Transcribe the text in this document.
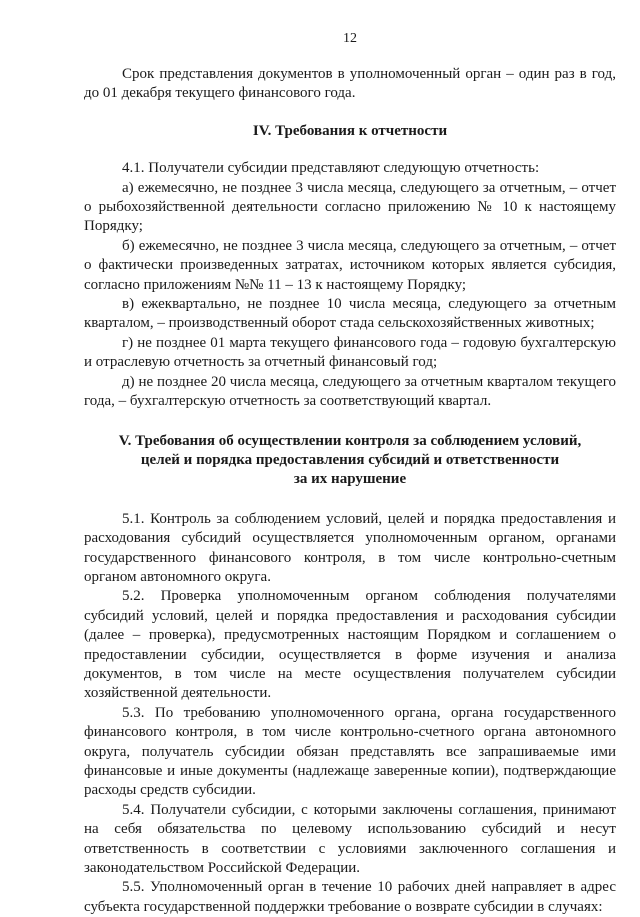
12

Срок представления документов в уполномоченный орган – один раз в год, до 01 декабря текущего финансового года.

IV. Требования к отчетности

4.1. Получатели субсидии представляют следующую отчетность:

а) ежемесячно, не позднее 3 числа месяца, следующего за отчетным, – отчет о рыбохозяйственной деятельности согласно приложению № 10 к настоящему Порядку;

б) ежемесячно, не позднее 3 числа месяца, следующего за отчетным, – отчет о фактически произведенных затратах, источником которых является субсидия, согласно приложениям №№ 11 – 13 к настоящему Порядку;

в) ежеквартально, не позднее 10 числа месяца, следующего за отчетным кварталом, – производственный оборот стада сельскохозяйственных животных;

г) не позднее 01 марта текущего финансового года – годовую бухгалтерскую и отраслевую отчетность за отчетный финансовый год;

д) не позднее 20 числа месяца, следующего за отчетным кварталом текущего года, – бухгалтерскую отчетность за соответствующий квартал.

V. Требования об осуществлении контроля за соблюдением условий,
целей и порядка предоставления субсидий и ответственности
за их нарушение

5.1. Контроль за соблюдением условий, целей и порядка предоставления и расходования субсидий осуществляется уполномоченным органом, органами государственного финансового контроля, в том числе контрольно-счетным органом автономного округа.

5.2. Проверка уполномоченным органом соблюдения получателями субсидий условий, целей и порядка предоставления и расходования субсидии (далее – проверка), предусмотренных настоящим Порядком и соглашением о предоставлении субсидии, осуществляется в форме изучения и анализа документов, в том числе на месте осуществления получателем субсидии хозяйственной деятельности.

5.3. По требованию уполномоченного органа, органа государственного финансового контроля, в том числе контрольно-счетного органа автономного округа, получатель субсидии обязан представлять все запрашиваемые ими финансовые и иные документы (надлежаще заверенные копии), подтверждающие расходы средств субсидии.

5.4. Получатели субсидии, с которыми заключены соглашения, принимают на себя обязательства по целевому использованию субсидий и несут ответственность в соответствии с условиями заключенного соглашения и законодательством Российской Федерации.

5.5. Уполномоченный орган в течение 10 рабочих дней направляет в адрес субъекта государственной поддержки требование о возврате субсидии в случаях:
